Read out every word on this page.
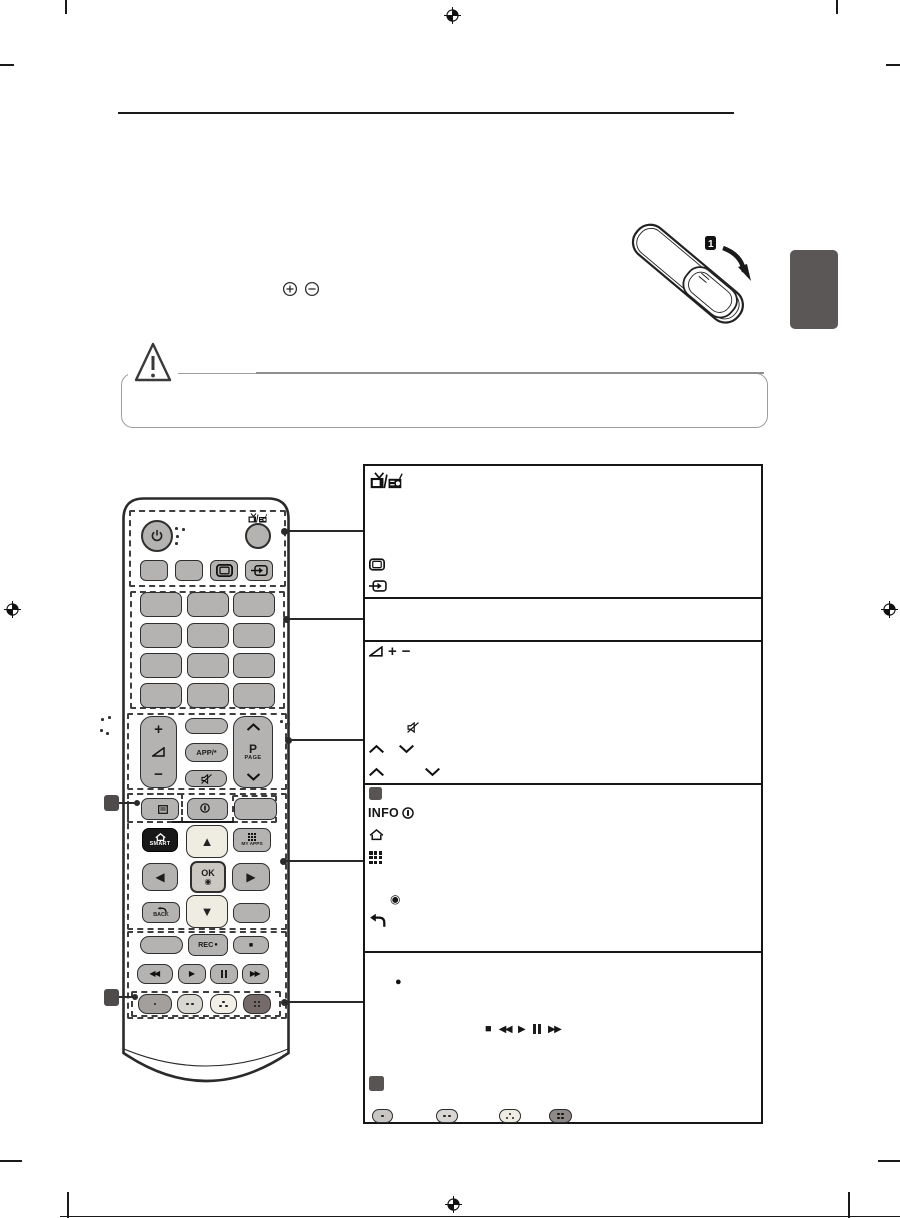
1
+
−
APP/*	P
PAGE
SMART ▲	MY APPS
◀	OK
◉	▶
▼
BACK
REC ●	■
◀◀	▶	▶▶
+ −
INFO
◉
●
■ ◀◀ ▶ ▶▶
